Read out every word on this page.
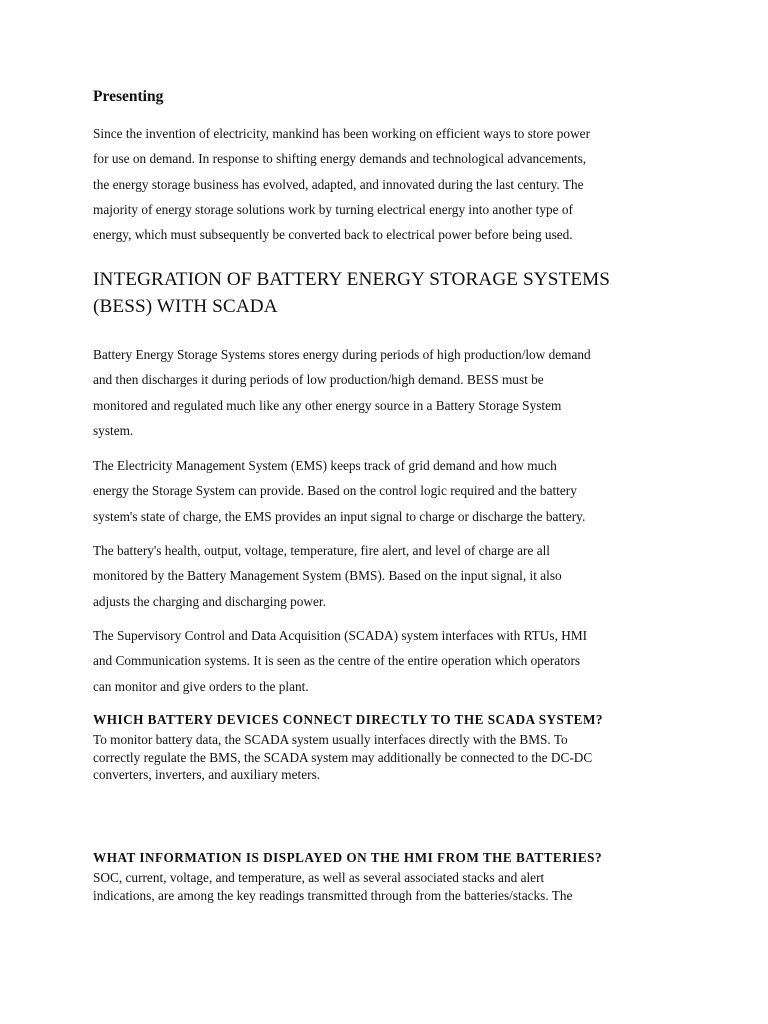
Presenting
Since the invention of electricity, mankind has been working on efficient ways to store power
for use on demand. In response to shifting energy demands and technological advancements,
the energy storage business has evolved, adapted, and innovated during the last century. The
majority of energy storage solutions work by turning electrical energy into another type of
energy, which must subsequently be converted back to electrical power before being used.
INTEGRATION OF BATTERY ENERGY STORAGE SYSTEMS
(BESS) WITH SCADA
Battery Energy Storage Systems stores energy during periods of high production/low demand
and then discharges it during periods of low production/high demand. BESS must be
monitored and regulated much like any other energy source in a Battery Storage System
system.
The Electricity Management System (EMS) keeps track of grid demand and how much
energy the Storage System can provide. Based on the control logic required and the battery
system's state of charge, the EMS provides an input signal to charge or discharge the battery.
The battery's health, output, voltage, temperature, fire alert, and level of charge are all
monitored by the Battery Management System (BMS). Based on the input signal, it also
adjusts the charging and discharging power.
The Supervisory Control and Data Acquisition (SCADA) system interfaces with RTUs, HMI
and Communication systems. It is seen as the centre of the entire operation which operators
can monitor and give orders to the plant.
WHICH BATTERY DEVICES CONNECT DIRECTLY TO THE SCADA SYSTEM?
To monitor battery data, the SCADA system usually interfaces directly with the BMS. To
correctly regulate the BMS, the SCADA system may additionally be connected to the DC-DC
converters, inverters, and auxiliary meters.
WHAT INFORMATION IS DISPLAYED ON THE HMI FROM THE BATTERIES?
SOC, current, voltage, and temperature, as well as several associated stacks and alert
indications, are among the key readings transmitted through from the batteries/stacks. The
